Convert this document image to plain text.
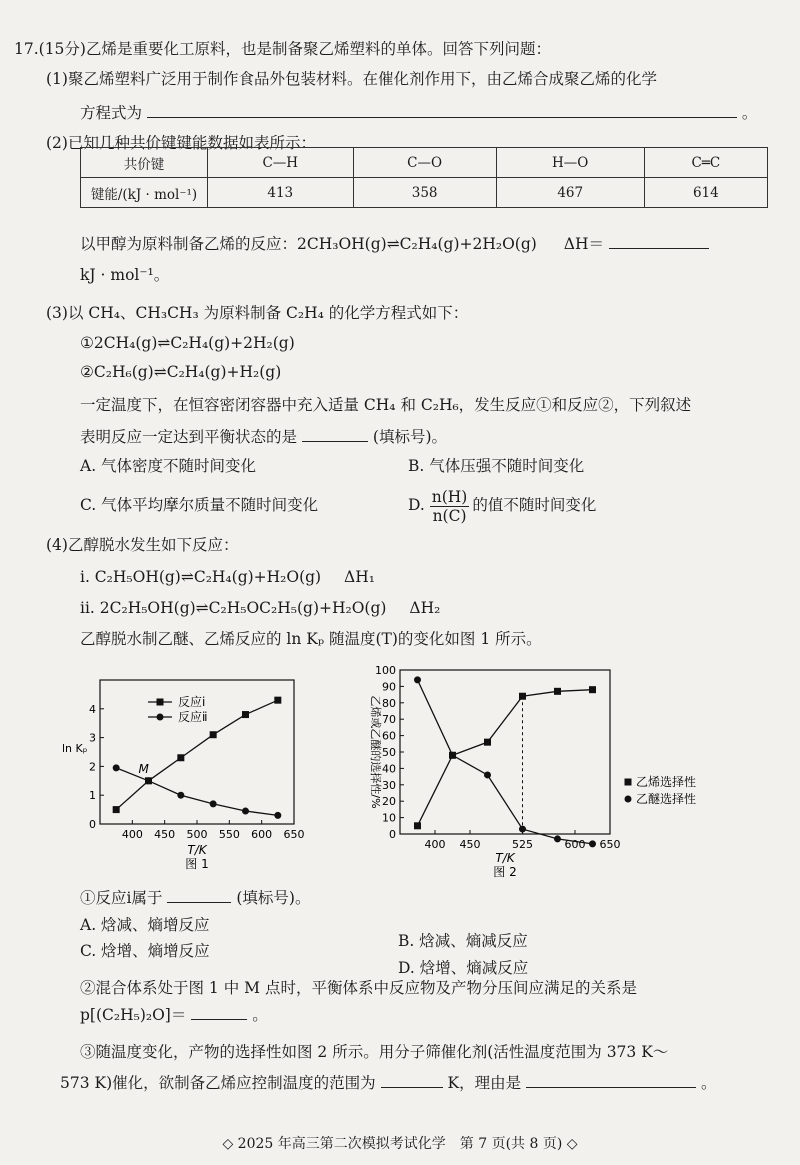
17.(15分)乙烯是重要化工原料，也是制备聚乙烯塑料的单体。回答下列问题：
(1)聚乙烯塑料广泛用于制作食品外包装材料。在催化剂作用下，由乙烯合成聚乙烯的化学
方程式为	。
(2)已知几种共价键键能数据如表所示：
共价键	C—H	C—O	H—O	C═C
键能/(kJ · mol⁻¹)	413	358	467	614
以甲醇为原料制备乙烯的反应：2CH₃OH(g)⇌C₂H₄(g)+2H₂O(g) ΔH＝
kJ · mol⁻¹。
(3)以 CH₄、CH₃CH₃ 为原料制备 C₂H₄ 的化学方程式如下：
①2CH₄(g)⇌C₂H₄(g)+2H₂(g)
②C₂H₆(g)⇌C₂H₄(g)+H₂(g)
一定温度下，在恒容密闭容器中充入适量 CH₄ 和 C₂H₆，发生反应①和反应②，下列叙述
表明反应一定达到平衡状态的是	(填标号)。
A. 气体密度不随时间变化	B. 气体压强不随时间变化
C. 气体平均摩尔质量不随时间变化	D. $\frac{n(H)}{n(C)}$ 的值不随时间变化
(4)乙醇脱水发生如下反应：
ⅰ. C₂H₅OH(g)⇌C₂H₄(g)+H₂O(g) ΔH₁
ⅱ. 2C₂H₅OH(g)⇌C₂H₅OC₂H₅(g)+H₂O(g) ΔH₂
乙醇脱水制乙醚、乙烯反应的 ln Kₚ 随温度(T)的变化如图 1 所示。
400 450 500 550 600 650
0
1
2
3
4
T/K
图 1
ln Kₚ
M
反应ⅰ
反应ⅱ
400 450	525	600 650
0
10
20
30
40
50
60
70
80
90
100
T/K
图 2
乙烯或乙醚的选择性/%	乙烯选择性
乙醚选择性
①反应ⅰ属于	(填标号)。
A. 焓减、熵增反应
B. 焓减、熵减反应
C. 焓增、熵增反应
D. 焓增、熵减反应
②混合体系处于图 1 中 M 点时，平衡体系中反应物及产物分压间应满足的关系是
p[(C₂H₅)₂O]＝	。
③随温度变化，产物的选择性如图 2 所示。用分子筛催化剂(活性温度范围为 373 K～
573 K)催化，欲制备乙烯应控制温度的范围为	K，理由是	。
◇ 2025 年高三第二次模拟考试化学　第 7 页(共 8 页) ◇
